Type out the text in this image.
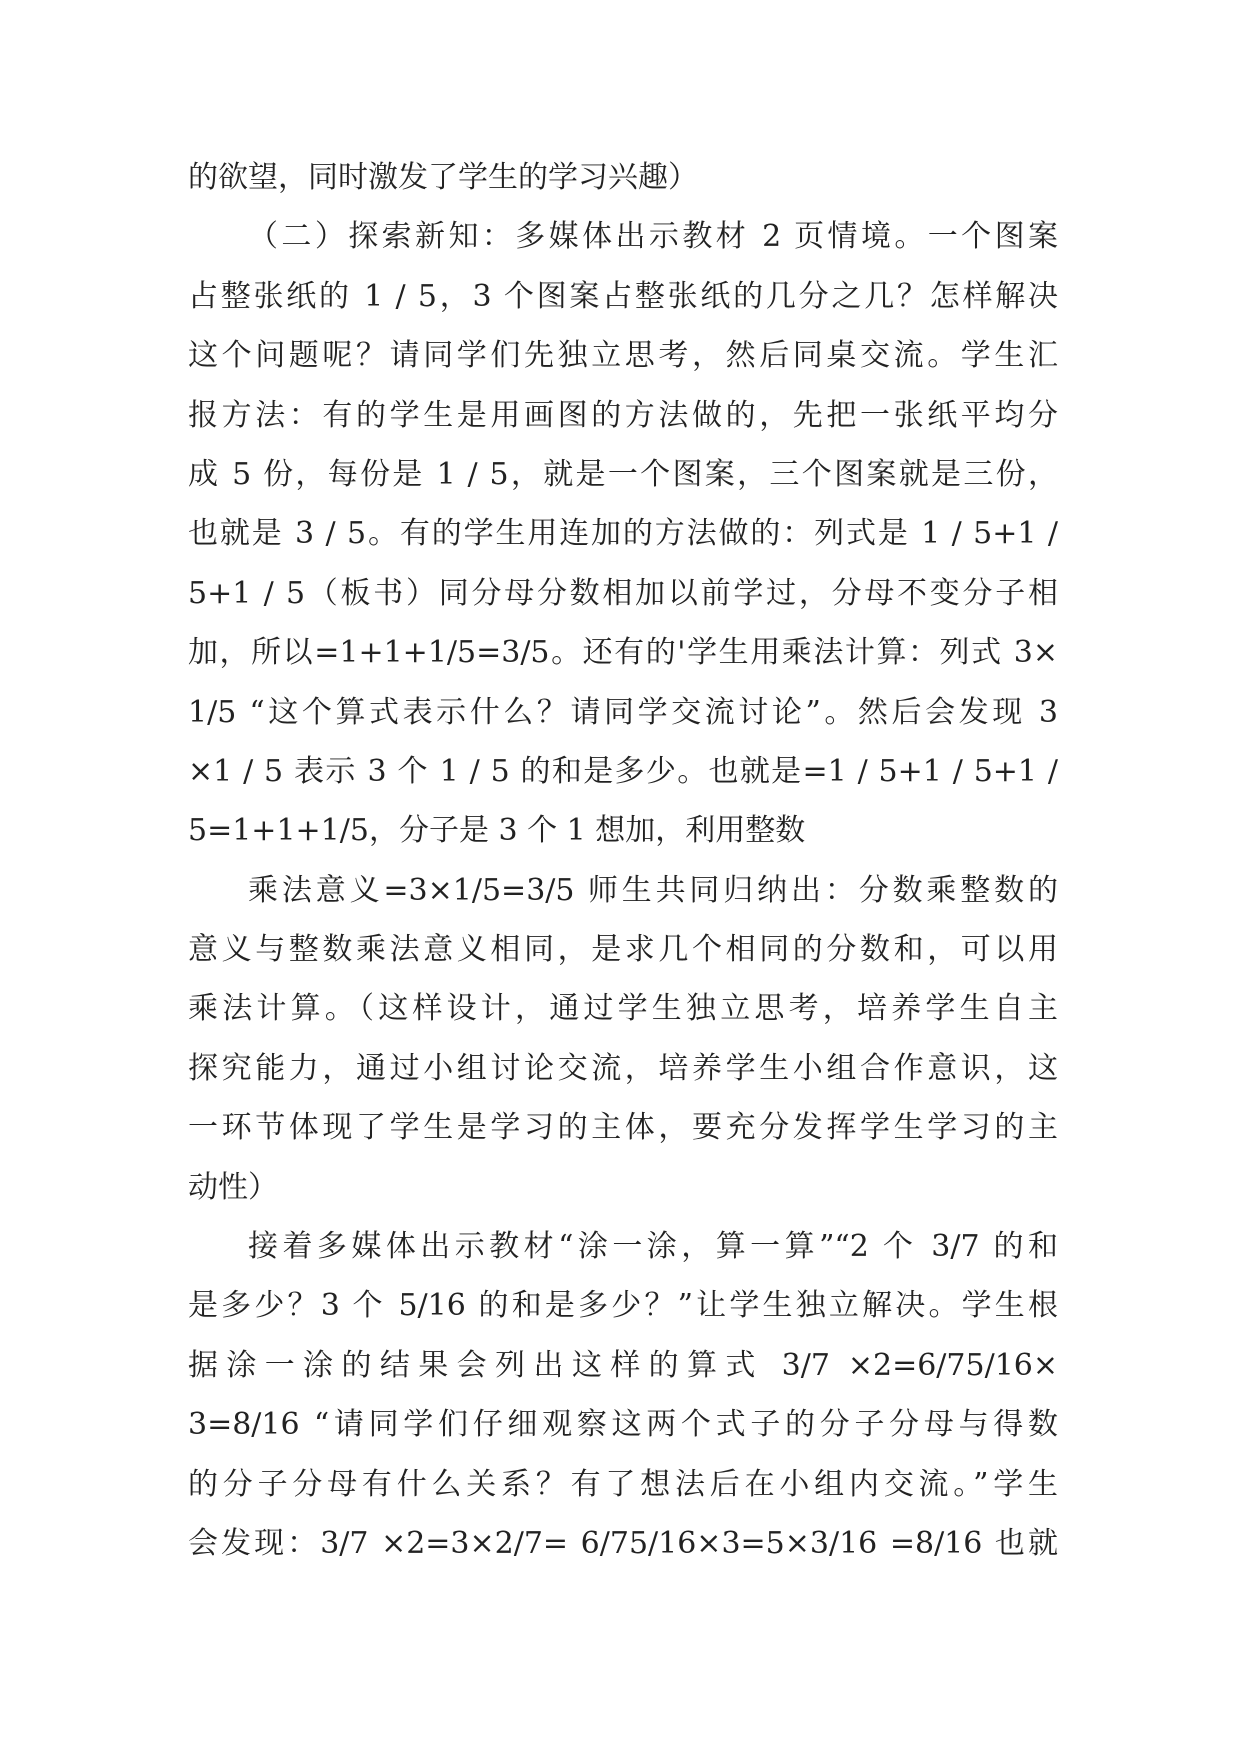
的欲望，同时激发了学生的学习兴趣）
（二）探索新知：多媒体出示教材 2 页情境。一个图案
占整张纸的 1 / 5，3 个图案占整张纸的几分之几？怎样解决
这个问题呢？请同学们先独立思考，然后同桌交流。学生汇
报方法：有的学生是用画图的方法做的，先把一张纸平均分
成 5 份，每份是 1 / 5，就是一个图案，三个图案就是三份，
也就是 3 / 5。有的学生用连加的方法做的：列式是 1 / 5+1 /
5+1 / 5（板书）同分母分数相加以前学过，分母不变分子相
加，所以=1+1+1/5=3/5。还有的'学生用乘法计算：列式 3×
1/5 “这个算式表示什么？请同学交流讨论”。然后会发现 3
×1 / 5 表示 3 个 1 / 5 的和是多少。也就是=1 / 5+1 / 5+1 /
5=1+1+1/5，分子是 3 个 1 想加，利用整数
乘法意义=3×1/5=3/5 师生共同归纳出：分数乘整数的
意义与整数乘法意义相同，是求几个相同的分数和，可以用
乘法计算。（这样设计，通过学生独立思考，培养学生自主
探究能力，通过小组讨论交流，培养学生小组合作意识，这
一环节体现了学生是学习的主体，要充分发挥学生学习的主
动性）
接着多媒体出示教材“涂一涂，算一算”“2 个 3/7 的和
是多少？3 个 5/16 的和是多少？”让学生独立解决。学生根
据涂一涂的结果会列出这样的算式 3/7 ×2=6/75/16×
3=8/16 “请同学们仔细观察这两个式子的分子分母与得数
的分子分母有什么关系？有了想法后在小组内交流。”学生
会发现：3/7 ×2=3×2/7= 6/75/16×3=5×3/16 =8/16 也就
